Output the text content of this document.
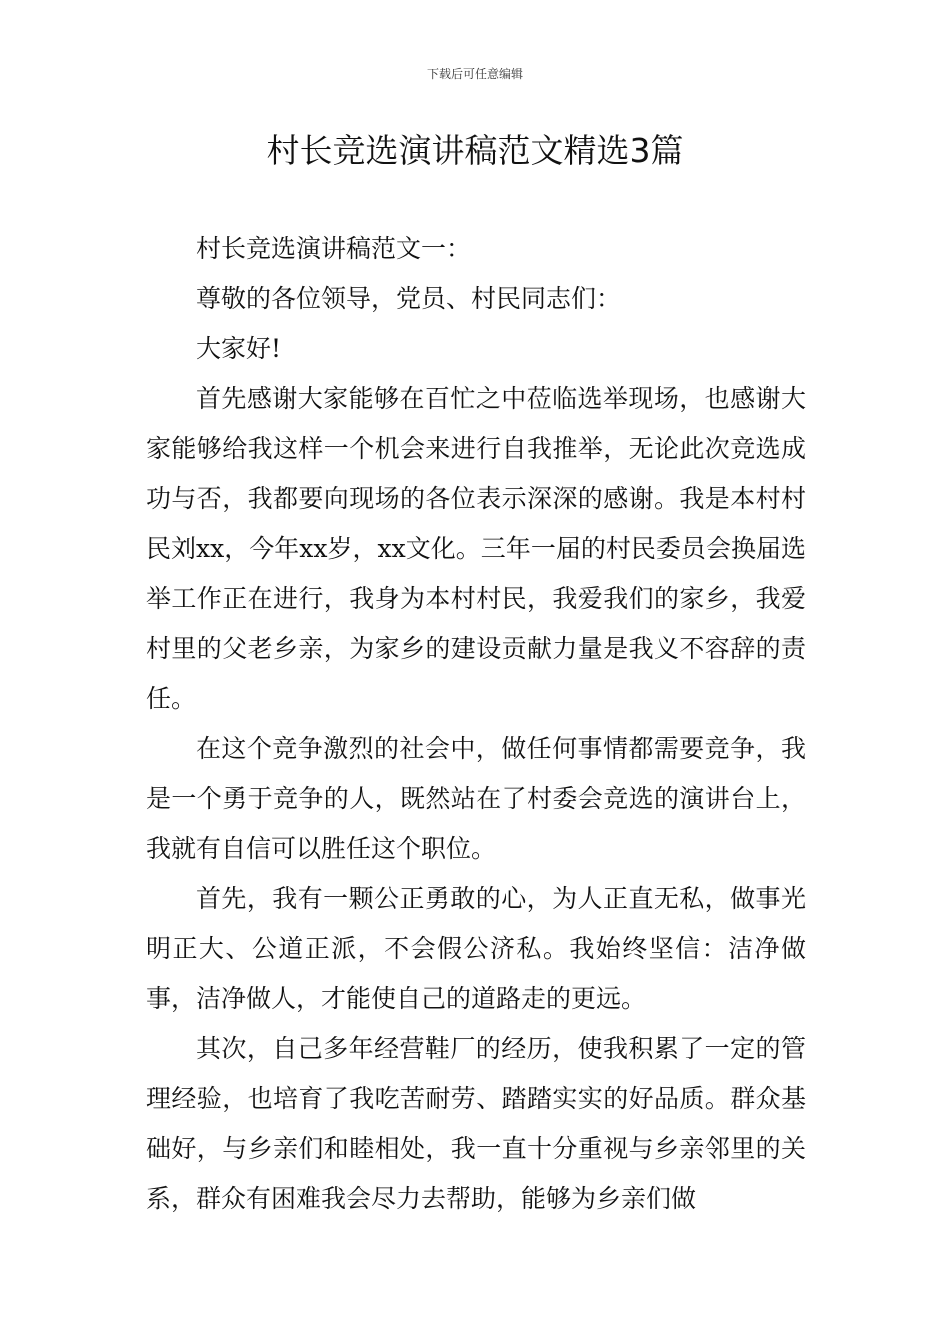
下载后可任意编辑
村长竞选演讲稿范文精选3篇

村长竞选演讲稿范文一：

尊敬的各位领导，党员、村民同志们：

大家好!

首先感谢大家能够在百忙之中莅临选举现场，也感谢大家能够给我这样一个机会来进行自我推举，无论此次竞选成功与否，我都要向现场的各位表示深深的感谢。我是本村村民刘xx，今年xx岁，xx文化。三年一届的村民委员会换届选举工作正在进行，我身为本村村民，我爱我们的家乡，我爱村里的父老乡亲，为家乡的建设贡献力量是我义不容辞的责任。

在这个竞争激烈的社会中，做任何事情都需要竞争，我是一个勇于竞争的人，既然站在了村委会竞选的演讲台上，我就有自信可以胜任这个职位。

首先，我有一颗公正勇敢的心，为人正直无私，做事光明正大、公道正派，不会假公济私。我始终坚信：洁净做事，洁净做人，才能使自己的道路走的更远。

其次，自己多年经营鞋厂的经历，使我积累了一定的管理经验，也培育了我吃苦耐劳、踏踏实实的好品质。群众基础好，与乡亲们和睦相处，我一直十分重视与乡亲邻里的关系，群众有困难我会尽力去帮助，能够为乡亲们做
